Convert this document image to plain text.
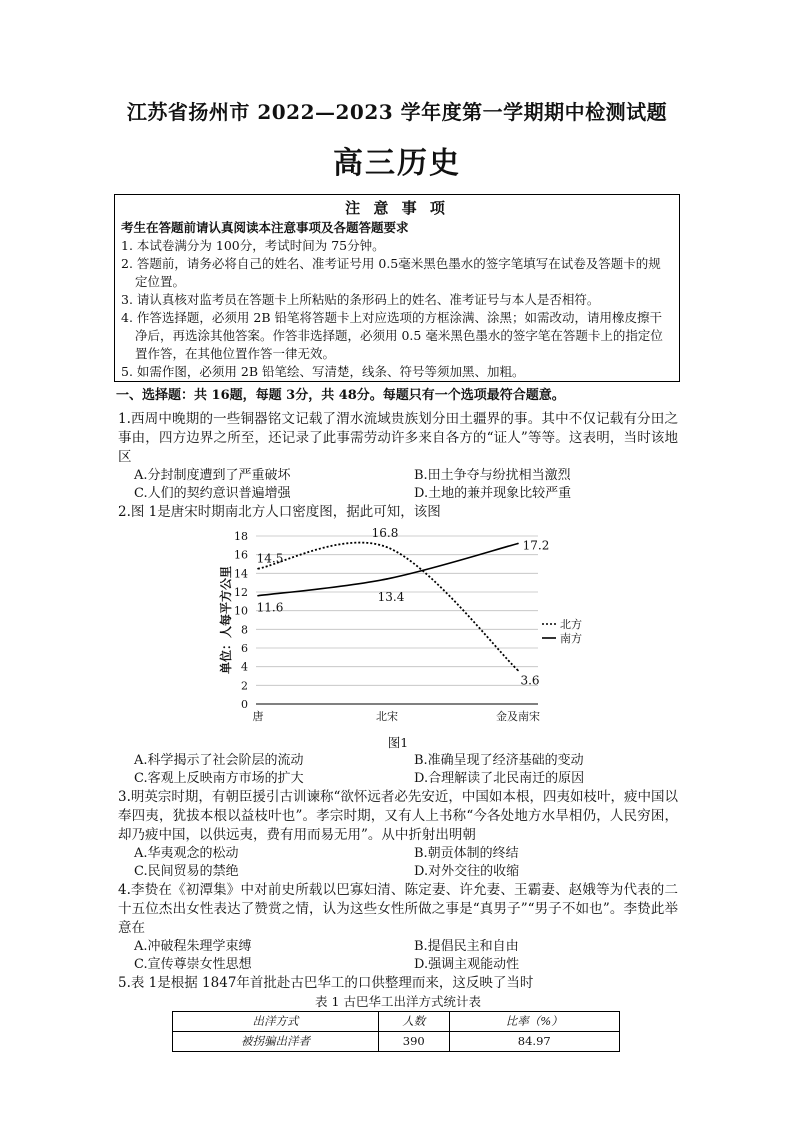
江苏省扬州市 2022—2023 学年度第一学期期中检测试题
高三历史
注 意 事 项
考生在答题前请认真阅读本注意事项及各题答题要求
1. 本试卷满分为 100分，考试时间为 75分钟。
2. 答题前，请务必将自己的姓名、准考证号用 0.5毫米黑色墨水的签字笔填写在试卷及答题卡的规定位置。
3. 请认真核对监考员在答题卡上所粘贴的条形码上的姓名、准考证号与本人是否相符。
4. 作答选择题，必须用 2B 铅笔将答题卡上对应选项的方框涂满、涂黑；如需改动，请用橡皮擦干净后，再选涂其他答案。作答非选择题，必须用 0.5 毫米黑色墨水的签字笔在答题卡上的指定位置作答，在其他位置作答一律无效。
5. 如需作图，必须用 2B 铅笔绘、写清楚，线条、符号等须加黑、加粗。
一、选择题：共 16题，每题 3分，共 48分。每题只有一个选项最符合题意。

1.西周中晚期的一些铜器铭文记载了渭水流域贵族划分田土疆界的事。其中不仅记载有分田之事由，四方边界之所至，还记录了此事需劳动许多来自各方的“证人”等等。这表明，当时该地区

A.分封制度遭到了严重破坏	B.田土争夺与纷扰相当激烈
C.人们的契约意识普遍增强	D.土地的兼并现象比较严重

2.图 1是唐宋时期南北方人口密度图，据此可知，该图

0
2
4
6
8
10
12
14
16
18
唐	北宋	金及南宋
单位：人每平方公里
14.5
16.8
3.6
11.6
13.4
17.2
北方
南方
图1
A.科学揭示了社会阶层的流动	B.准确呈现了经济基础的变动
C.客观上反映南方市场的扩大	D.合理解读了北民南迁的原因

3.明英宗时期，有朝臣援引古训谏称“欲怀远者必先安近，中国如本根，四夷如枝叶，疲中国以奉四夷，犹拔本根以益枝叶也”。孝宗时期，又有人上书称“今各处地方水旱相仍，人民穷困，却乃疲中国，以供远夷，费有用而易无用”。从中折射出明朝

A.华夷观念的松动	B.朝贡体制的终结
C.民间贸易的禁绝	D.对外交往的收缩

4.李贽在《初潭集》中对前史所载以巴寡妇清、陈定妻、许允妻、王霸妻、赵娥等为代表的二十五位杰出女性表达了赞赏之情，认为这些女性所做之事是“真男子”“男子不如也”。李贽此举意在

A.冲破程朱理学束缚	B.提倡民主和自由
C.宣传尊崇女性思想	D.强调主观能动性

5.表 1是根据 1847年首批赴古巴华工的口供整理而来，这反映了当时

表 1 古巴华工出洋方式统计表
出洋方式	人数	比率（%）
被拐骗出洋者	390	84.97
